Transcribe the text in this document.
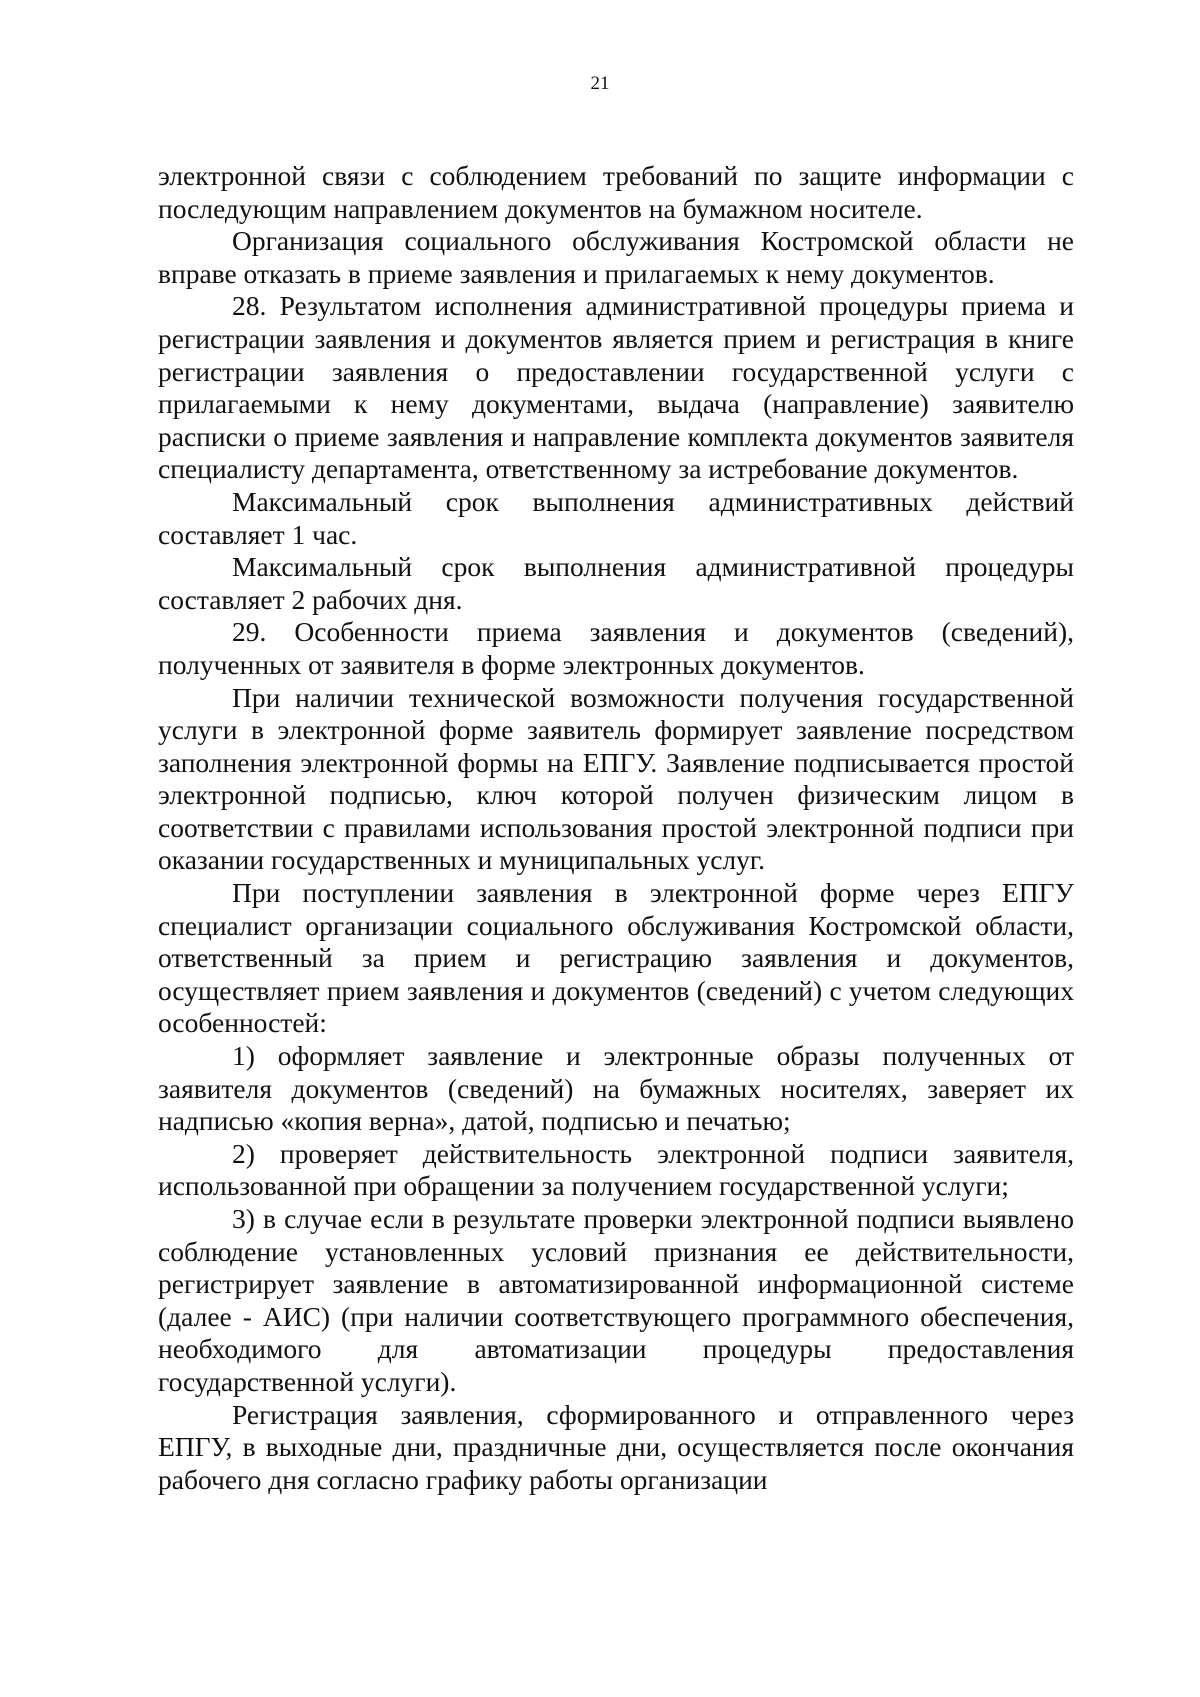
21

электронной связи с соблюдением требований по защите информации с последующим направлением документов на бумажном носителе.

Организация социального обслуживания Костромской области не вправе отказать в приеме заявления и прилагаемых к нему документов.

28. Результатом исполнения административной процедуры приема и регистрации заявления и документов является прием и регистрация в книге регистрации заявления о предоставлении государственной услуги с прилагаемыми к нему документами, выдача (направление) заявителю расписки о приеме заявления и направление комплекта документов заявителя специалисту департамента, ответственному за истребование документов.

Максимальный срок выполнения административных действий составляет 1 час.

Максимальный срок выполнения административной процедуры составляет 2 рабочих дня.

29. Особенности приема заявления и документов (сведений), полученных от заявителя в форме электронных документов.

При наличии технической возможности получения государственной услуги в электронной форме заявитель формирует заявление посредством заполнения электронной формы на ЕПГУ. Заявление подписывается простой электронной подписью, ключ которой получен физическим лицом в соответствии с правилами использования простой электронной подписи при оказании государственных и муниципальных услуг.

При поступлении заявления в электронной форме через ЕПГУ специалист организации социального обслуживания Костромской области, ответственный за прием и регистрацию заявления и документов, осуществляет прием заявления и документов (сведений) с учетом следующих особенностей:

1) оформляет заявление и электронные образы полученных от заявителя документов (сведений) на бумажных носителях, заверяет их надписью «копия верна», датой, подписью и печатью;

2) проверяет действительность электронной подписи заявителя, использованной при обращении за получением государственной услуги;

3) в случае если в результате проверки электронной подписи выявлено соблюдение установленных условий признания ее действительности, регистрирует заявление в автоматизированной информационной системе (далее - АИС) (при наличии соответствующего программного обеспечения, необходимого для автоматизации процедуры предоставления государственной услуги).

Регистрация заявления, сформированного и отправленного через ЕПГУ, в выходные дни, праздничные дни, осуществляется после окончания рабочего дня согласно графику работы организации
